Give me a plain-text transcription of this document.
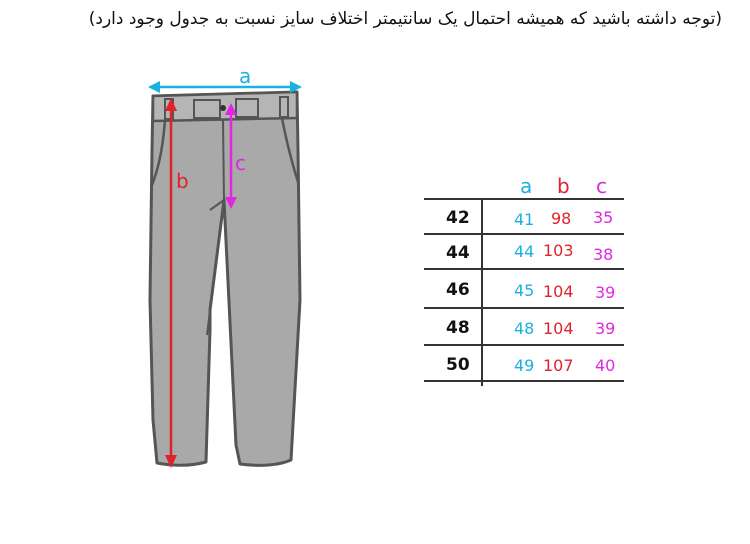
(توجه داشته باشید که همیشه احتمال یک سانتیمتر اختلاف سایز نسبت به جدول وجود دارد)
a
b
c
a b c
42	41 98 35
44	44 103 38
46	45 104 39
48	48 104 39
50	49 107 40
